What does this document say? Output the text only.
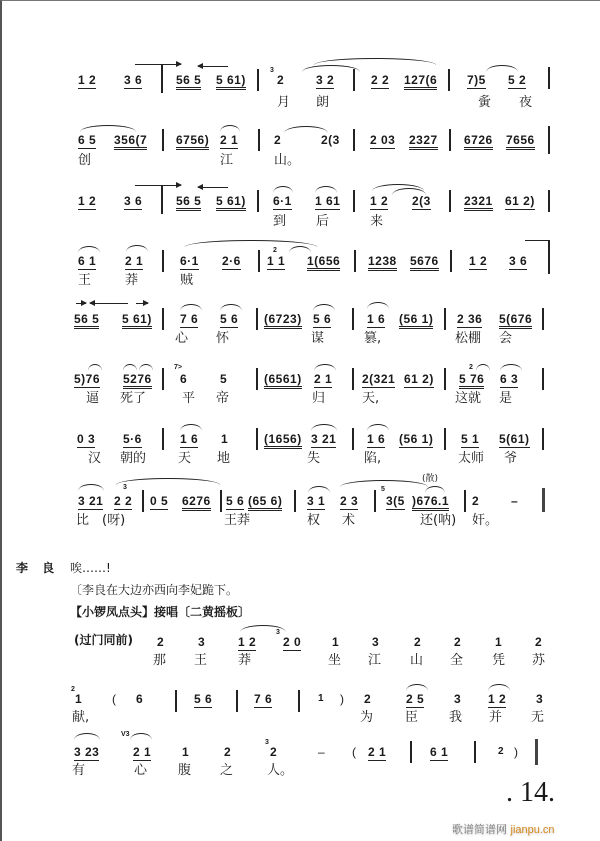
1 2 3 6	56 5 5 61)
3
2
月
3 2
朗
2 2 127(6 7)5
夤
5 2
夜
6 5
创
356(7 6756) 2 1
江
2
山。
2(3	2 03 2327 6726 7656
1 2 3 6	56 5 5 61) 6·1
到
1 61
后
1 2
来
2(3	2321 61 2)
6 1
王
2 1
莽
6·1
贼
2·6
2
1 1 1(656 1238 5676	1 2 3 6
56 5 5 61) 7 6
心
5 6
怀
(6723) 5 6
谋
1 6
篡,
(56 1) 2 36
松棚
5(676
会
5)76
逼
5276
死了
7>
6
平
5
帝
(6561) 2 1
归
2(321
天,
61 2)
2
5 76
这就
6 3
是
0 3
汉
5·6
朝的
1 6
天
1
地
(1656) 3 21
失
1 6
陷,
(56 1) 5 1
太师
5(61)
爷
3 21
比
3
2 2
(呀)
0 5 6276 5 6
王莽
(65 6) 3 1
权
2 3
术
5
3(5
(散)
)676.1
还(呐)
2
奸。
–
李 良 唉……!
〔李良在大边亦西向李妃跪下。
【小锣凤点头】接唱〔二黄摇板〕
(过门同前) 2
那
3
王
1 2
莽
3
2 0	1
坐
3
江
2
山
2
全
1
凭
2
苏
2
1
献,
( 6	5 6	7 6	1 ) 2
为
2 5
臣
3
我
1 2
并
3
无
3 23
有
V3
2 1
心
1
腹
2
之
3
2
人。
– ( 2 1	6 1	2 )
. 14.
歌谱简谱网 jianpu.cn
